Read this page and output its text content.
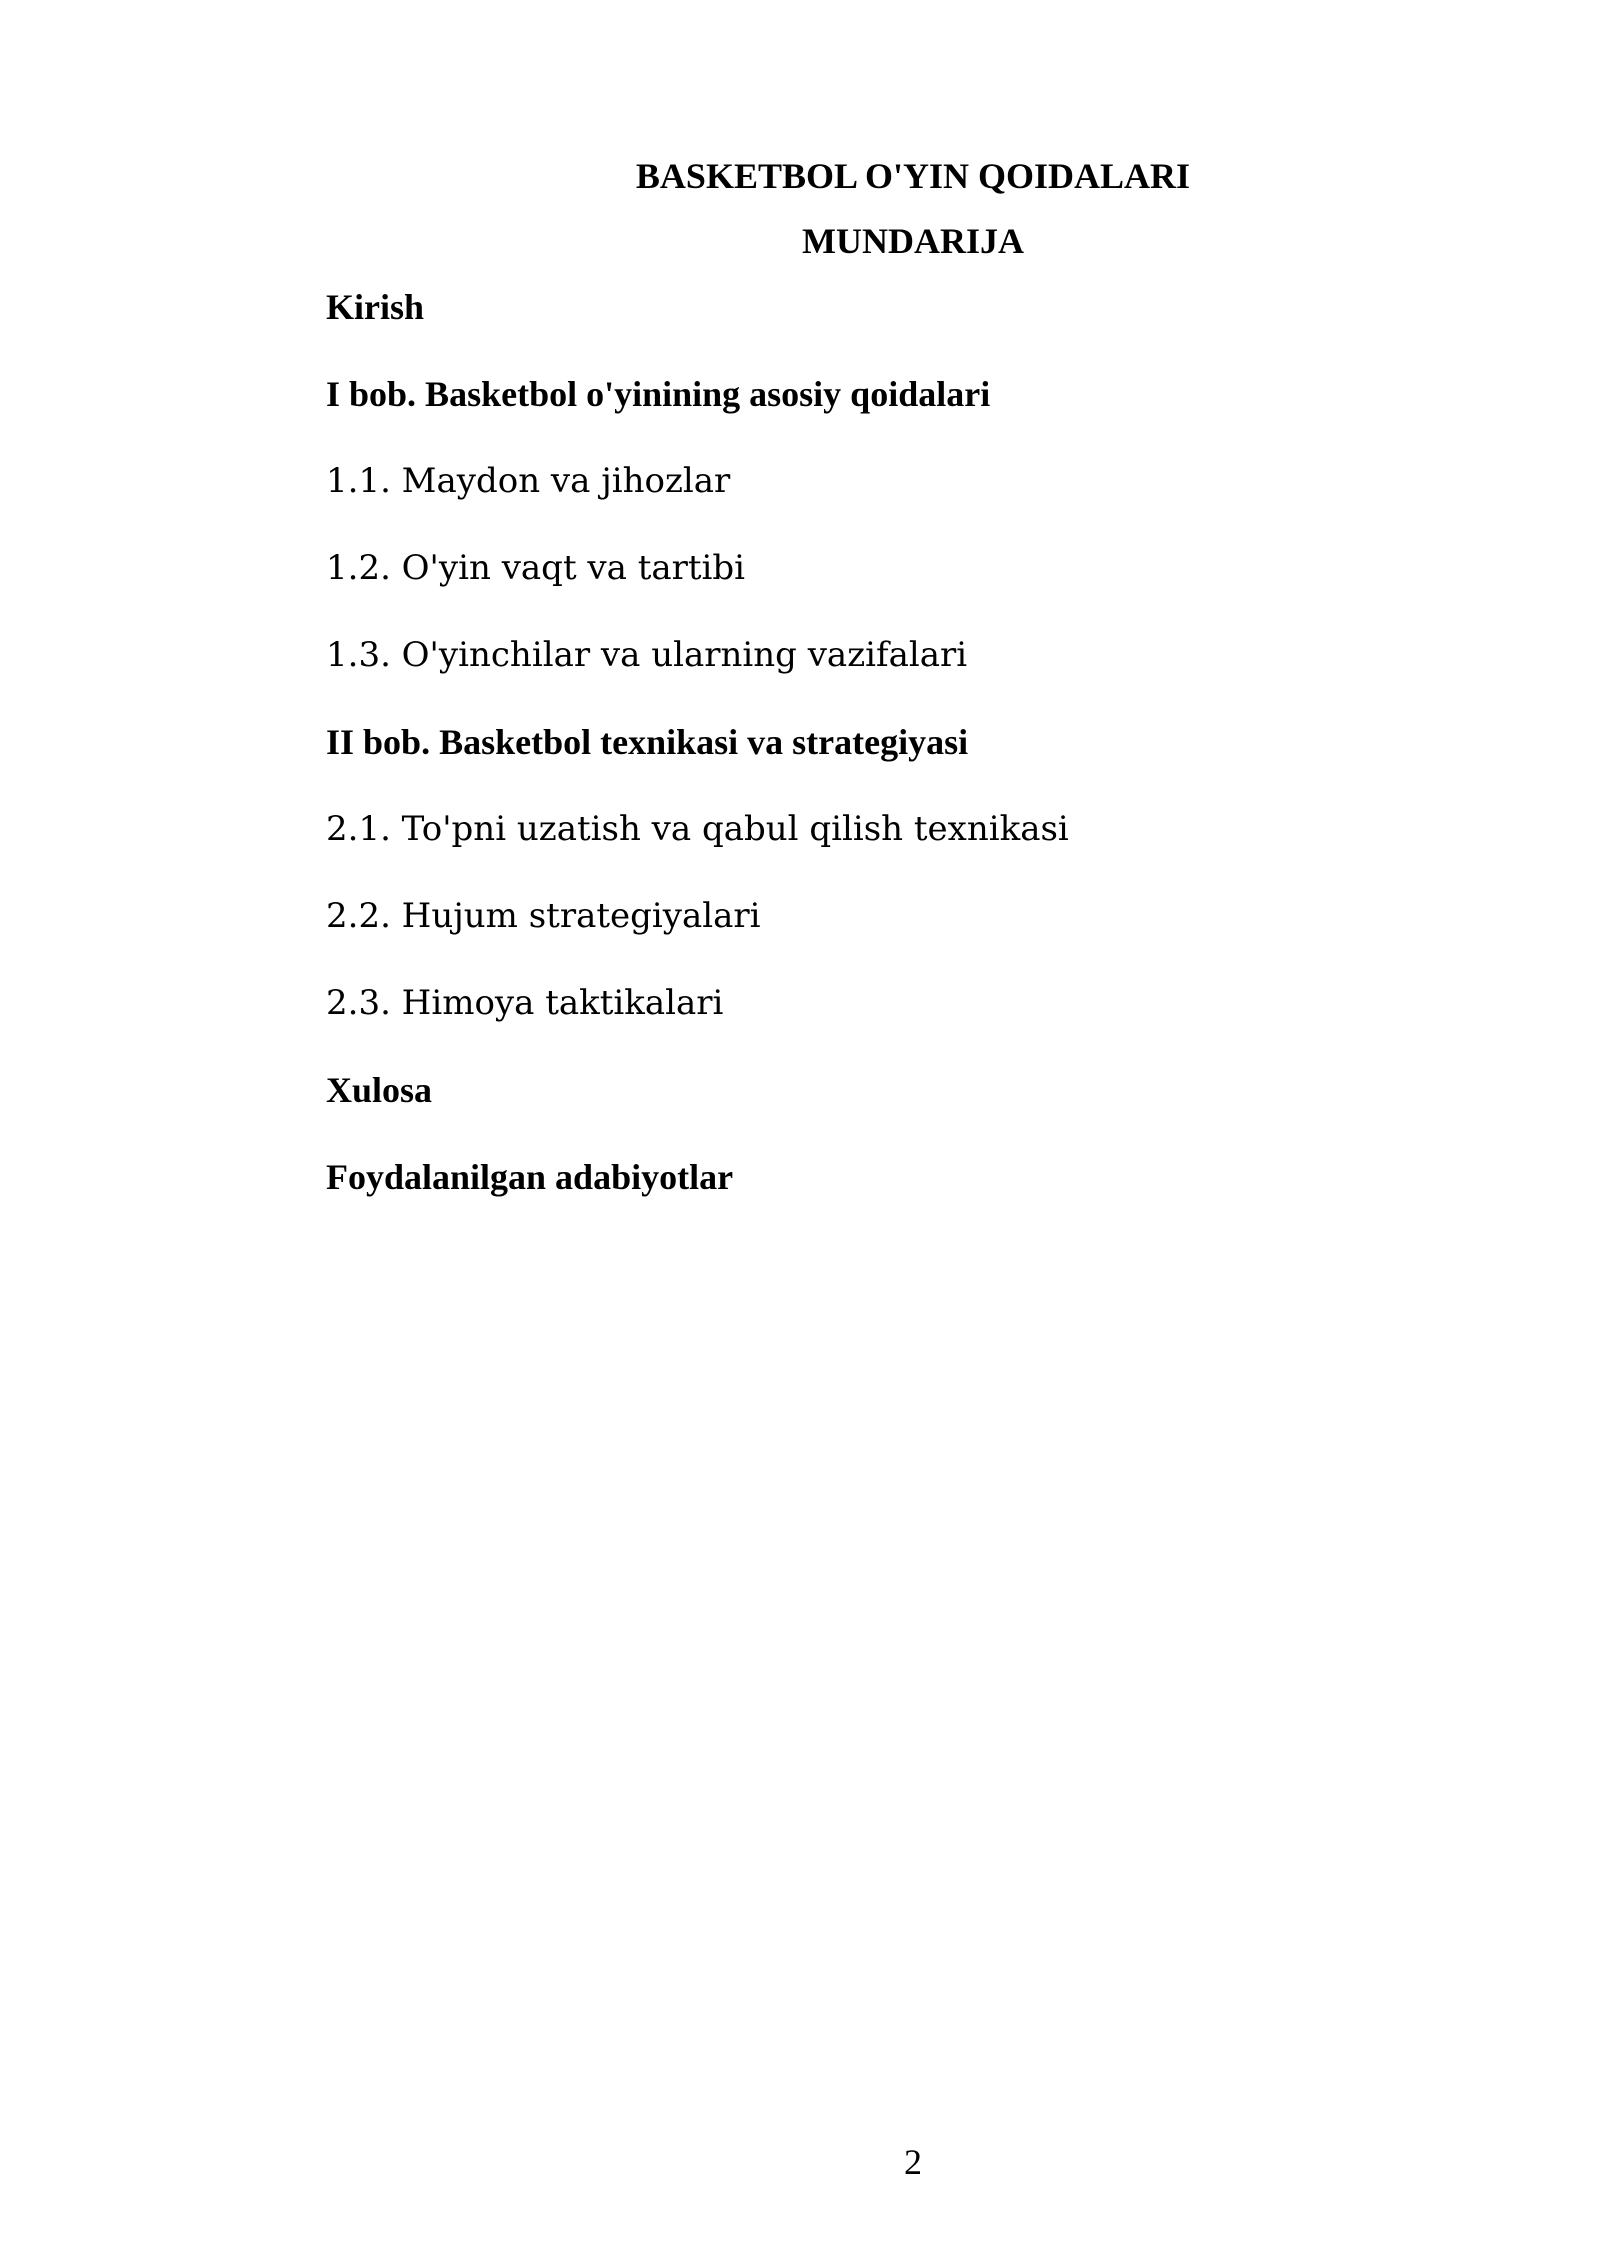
BASKETBOL O'YIN QOIDALARI
MUNDARIJA
Kirish
I bob. Basketbol o'yinining asosiy qoidalari
1.1. Maydon va jihozlar
1.2. O'yin vaqt va tartibi
1.3. O'yinchilar va ularning vazifalari
II bob. Basketbol texnikasi va strategiyasi
2.1. To'pni uzatish va qabul qilish texnikasi
2.2. Hujum strategiyalari
2.3. Himoya taktikalari
Xulosa
Foydalanilgan adabiyotlar
2
